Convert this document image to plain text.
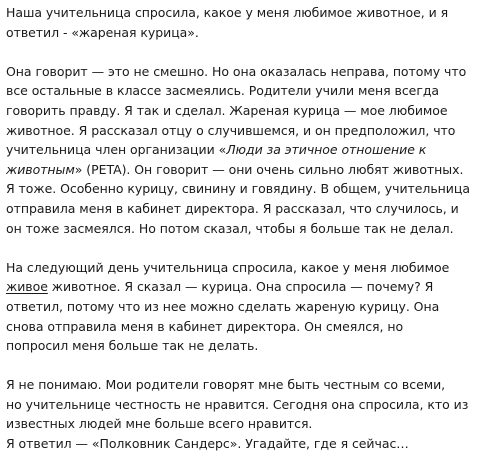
Наша учительница спросила, какое у меня любимое животное, и я
ответил - «жареная курица».

Она говорит — это не смешно. Но она оказалась неправа, потому что
все остальные в классе засмеялись. Родители учили меня всегда
говорить правду. Я так и сделал. Жареная курица — мое любимое
животное. Я рассказал отцу о случившемся, и он предположил, что
учительница член организации «Люди за этичное отношение к
животным» (PETA). Он говорит — они очень сильно любят животных.
Я тоже. Особенно курицу, свинину и говядину. В общем, учительница
отправила меня в кабинет директора. Я рассказал, что случилось, и
он тоже засмеялся. Но потом сказал, чтобы я больше так не делал.

На следующий день учительница спросила, какое у меня любимое
живое животное. Я сказал — курица. Она спросила — почему? Я
ответил, потому что из нее можно сделать жареную курицу. Она
снова отправила меня в кабинет директора. Он смеялся, но
попросил меня больше так не делать.

Я не понимаю. Мои родители говорят мне быть честным со всеми,
но учительнице честность не нравится. Сегодня она спросила, кто из
известных людей мне больше всего нравится.
Я ответил — «Полковник Сандерс». Угадайте, где я сейчас…
